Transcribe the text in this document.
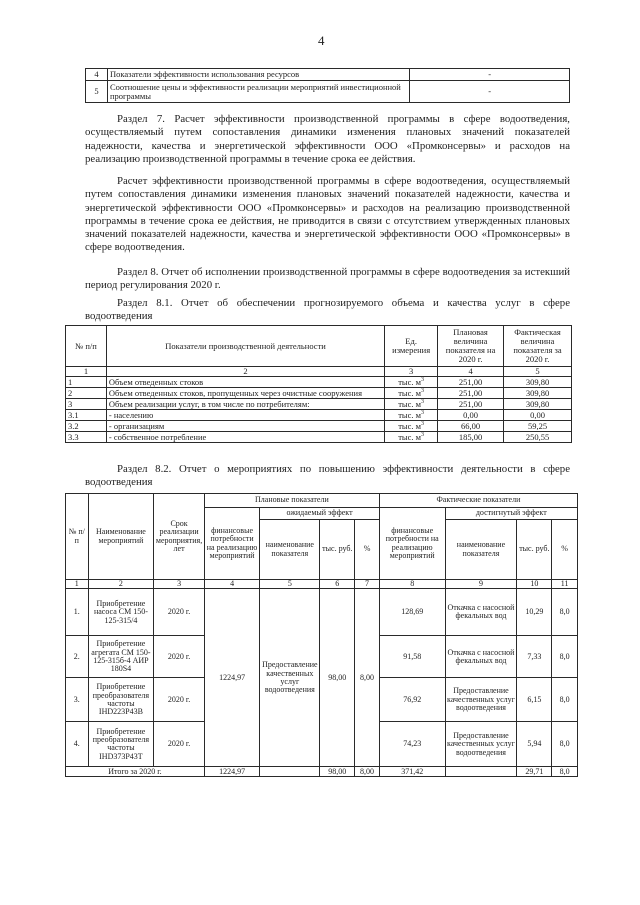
4
4	Показатели эффективности использования ресурсов	-
5	Соотношение цены и эффективности реализации мероприятий инвестиционной программы	-

Раздел 7. Расчет эффективности производственной программы в сфере водоотведения, осуществляемый путем сопоставления динамики изменения плановых значений показателей надежности, качества и энергетической эффективности ООО «Промконсервы» и расходов на реализацию производственной программы в течение срока ее действия.

Расчет эффективности производственной программы в сфере водоотведения, осуществляемый путем сопоставления динамики изменения плановых значений показателей надежности, качества и энергетической эффективности ООО «Промконсервы» и расходов на реализацию производственной программы в течение срока ее действия, не приводится в связи с отсутствием утвержденных плановых значений показателей надежности, качества и энергетической эффективности ООО «Промконсервы» в сфере водоотведения.

Раздел 8. Отчет об исполнении производственной программы в сфере водоотведения за истекший период регулирования 2020 г.

Раздел 8.1. Отчет об обеспечении прогнозируемого объема и качества услуг в сфере водоотведения

№ п/п	Показатели производственной деятельности	Ед. измерения	Плановая величина показателя на 2020 г.	Фактическая величина показателя за 2020 г.
1	2	3	4	5
1	Объем отведенных стоков	тыс. $м^3$	251,00	309,80
2	Объем отведенных стоков, пропущенных через очистные сооружения	тыс. $м^3$	251,00	309,80
3	Объем реализации услуг, в том числе по потребителям:	тыс. $м^3$	251,00	309,80
3.1	- населению	тыс. $м^3$	0,00	0,00
3.2	- организациям	тыс. $м^3$	66,00	59,25
3.3	- собственное потребление	тыс. $м^3$	185,00	250,55

Раздел 8.2. Отчет о мероприятиях по повышению эффективности деятельности в сфере водоотведения

№ п/ п	Наименование мероприятий	Срок реализации мероприятия, лет	Плановые показатели				Фактические показатели			
			финансовые потребности на реализацию мероприятий	ожидаемый эффект			финансовые потребности на реализацию мероприятий	достигнутый эффект		
				наименование показателя	тыс. руб.	%		наименование показателя	тыс. руб.	%
1	2	3	4	5	6	7	8	9	10	11
1.	Приобретение насоса СМ 150-125-315/4	2020 г.	1224,97	Предоставление качественных услуг водоотведения	98,00	8,00	128,69	Откачка с насосной фекальных вод	10,29	8,0
2.	Приобретение агрегата СМ 150-125-315б-4 АИР 180S4	2020 г.					91,58	Откачка с насосной фекальных вод	7,33	8,0
3.	Приобретение преобразователя частоты IHD223P43B	2020 г.					76,92	Предоставление качественных услуг водоотведения	6,15	8,0
4.	Приобретение преобразователя частоты IHD373P43T	2020 г.					74,23	Предоставление качественных услуг водоотведения	5,94	8,0
Итого за 2020 г.			1224,97		98,00	8,00	371,42		29,71	8,0
